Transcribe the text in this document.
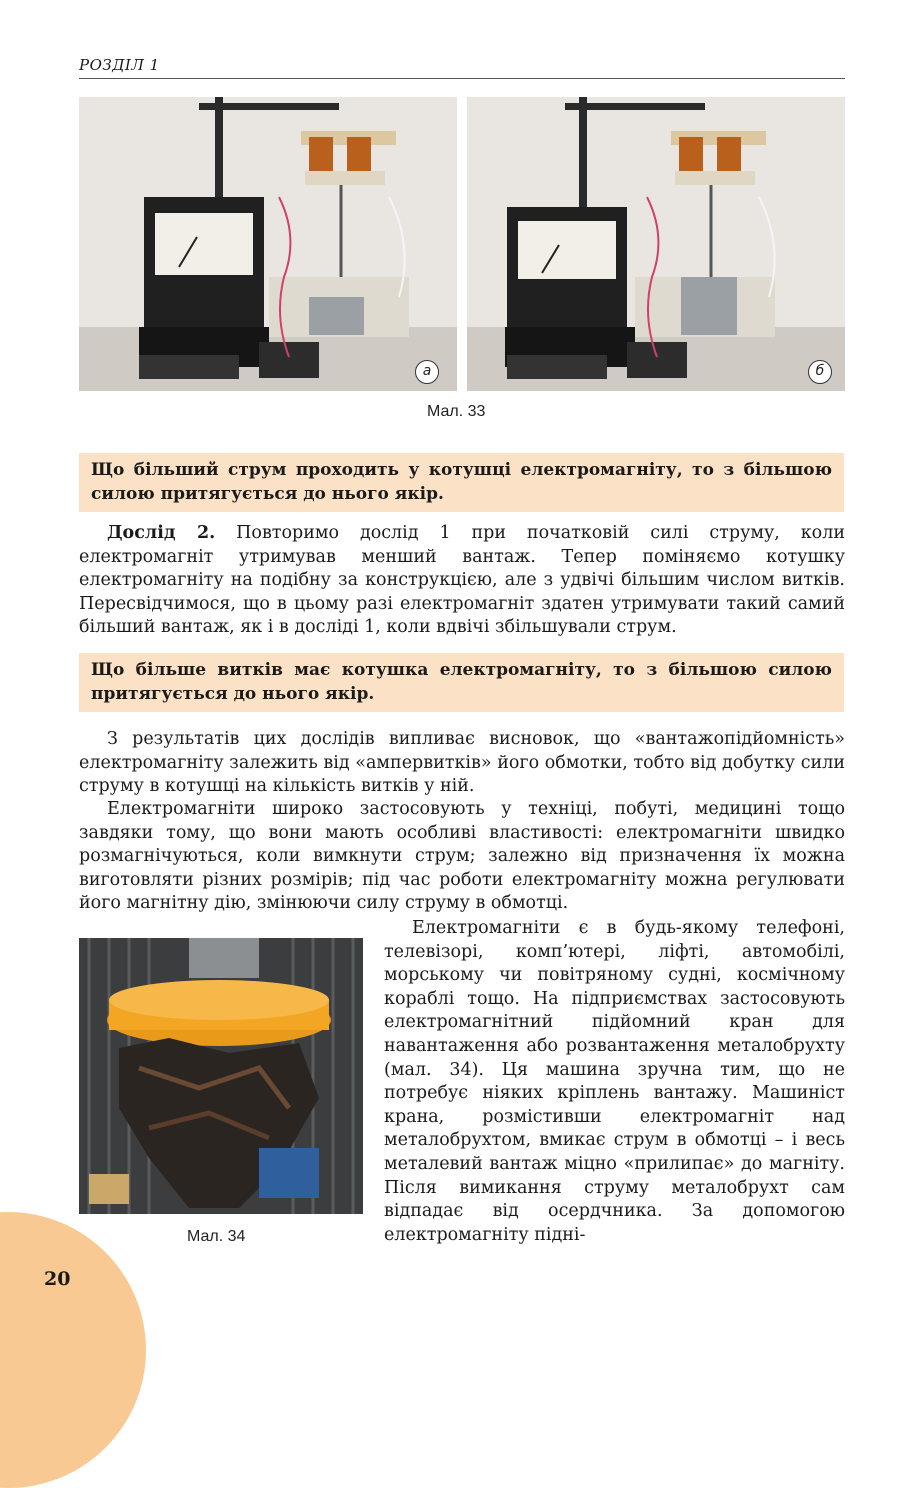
РОЗДІЛ 1
а	б
Мал. 33
Що більший струм проходить у котушці електромагніту, то з більшою силою притягується до нього якір.

Дослід 2. Повторимо дослід 1 при початковій силі струму, коли електромагніт утримував менший вантаж. Тепер поміняємо котушку електромагніту на подібну за конструкцією, але з удвічі більшим числом витків. Пересвідчимося, що в цьому разі електромагніт здатен утримувати такий самий більший вантаж, як і в досліді 1, коли вдвічі збільшували струм.

Що більше витків має котушка електромагніту, то з більшою силою притягується до нього якір.

З результатів цих дослідів випливає висновок, що «вантажопідйомність» електромагніту залежить від «ампервитків» його обмотки, тобто від добутку сили струму в котушці на кількість витків у ній.

Електромагніти широко застосовують у техніці, побуті, медицині тощо завдяки тому, що вони мають особливі властивості: електромагніти швидко розмагнічуються, коли вимкнути струм; залежно від призначення їх можна виготовляти різних розмірів; під час роботи електромагніту можна регулювати його магнітну дію, змінюючи силу струму в обмотці.

Мал. 34

Електромагніти є в будь-якому телефоні, телевізорі, комп’ютері, ліфті, автомобілі, морському чи повітряному судні, космічному кораблі тощо. На підприємствах застосовують електромагнітний підйомний кран для навантаження або розвантаження металобрухту (мал. 34). Ця машина зручна тим, що не потребує ніяких кріплень вантажу. Машиніст крана, розмістивши електромагніт над металобрухтом, вмикає струм в обмотці – і весь металевий вантаж міцно «прилипає» до магніту. Після вимикання струму металобрухт сам відпадає від осердчника. За допомогою електромагніту підні-

20
